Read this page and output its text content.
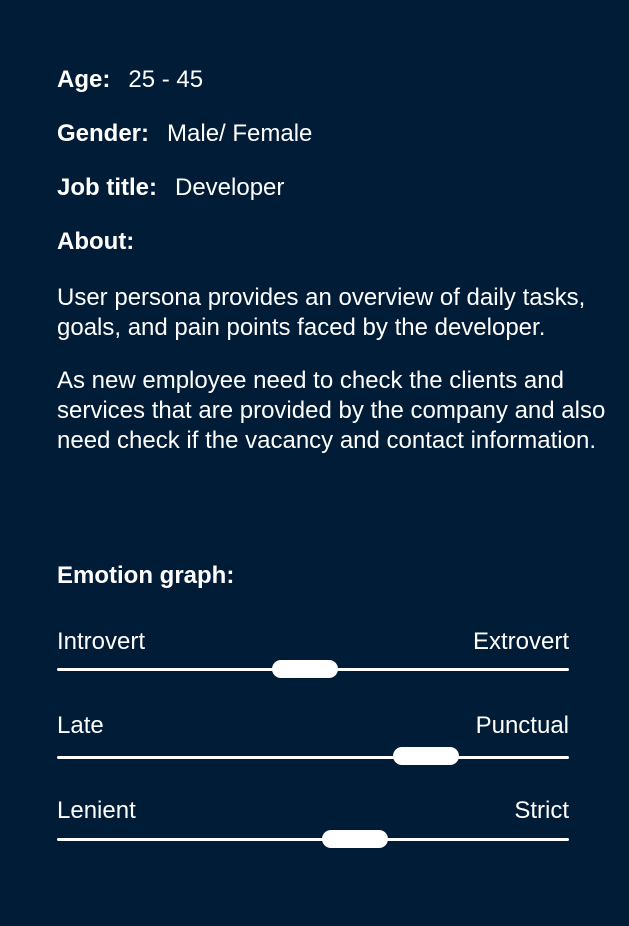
Age: 25 - 45
Gender: Male/ Female
Job title: Developer
About:

User persona provides an overview of daily tasks, goals, and pain points faced by the developer.

As new employee need to check the clients and services that are provided by the company and also need check if the vacancy and contact information.

Emotion graph:
Introvert	Extrovert
Late	Punctual
Lenient	Strict
